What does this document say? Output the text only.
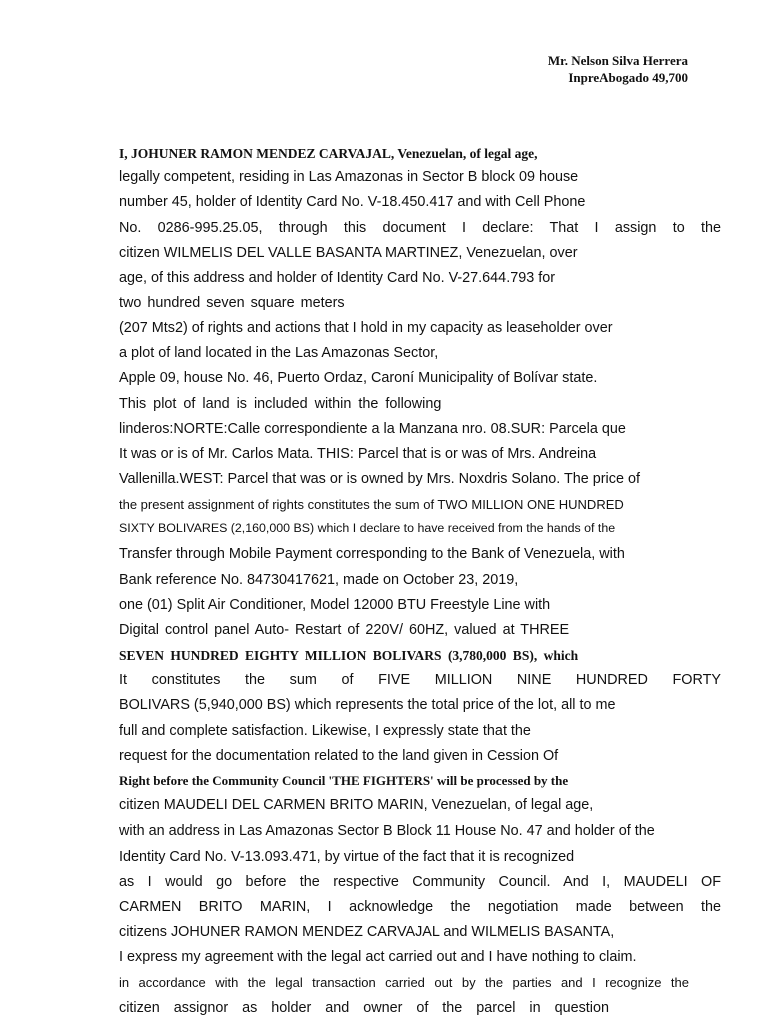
Mr. Nelson Silva Herrera
InpreAbogado 49,700
I, JOHUNER RAMON MENDEZ CARVAJAL, Venezuelan, of legal age,
legally competent, residing in Las Amazonas in Sector B block 09 house
number 45, holder of Identity Card No. V-18.450.417 and with Cell Phone
No. 0286-995.25.05, through this document I declare: That I assign to the
citizen WILMELIS DEL VALLE BASANTA MARTINEZ, Venezuelan, over
age, of this address and holder of Identity Card No. V-27.644.793 for
two hundred seven square meters
(207 Mts2) of rights and actions that I hold in my capacity as leaseholder over
a plot of land located in the Las Amazonas Sector,
Apple 09, house No. 46, Puerto Ordaz, Caroní Municipality of Bolívar state.
This plot of land is included within the following
linderos:NORTE:Calle correspondiente a la Manzana nro. 08.SUR: Parcela que
It was or is of Mr. Carlos Mata. THIS: Parcel that is or was of Mrs. Andreina
Vallenilla.WEST: Parcel that was or is owned by Mrs. Noxdris Solano. The price of
the present assignment of rights constitutes the sum of TWO MILLION ONE HUNDRED
SIXTY BOLIVARES (2,160,000 BS) which I declare to have received from the hands of the
Transfer through Mobile Payment corresponding to the Bank of Venezuela, with
Bank reference No. 84730417621, made on October 23, 2019,
one (01) Split Air Conditioner, Model 12000 BTU Freestyle Line with
Digital control panel Auto- Restart of 220V/ 60HZ, valued at THREE
SEVEN HUNDRED EIGHTY MILLION BOLIVARS (3,780,000 BS), which
It constitutes the sum of FIVE MILLION NINE HUNDRED FORTY
BOLIVARS (5,940,000 BS) which represents the total price of the lot, all to me
full and complete satisfaction. Likewise, I expressly state that the
request for the documentation related to the land given in Cession Of
Right before the Community Council 'THE FIGHTERS' will be processed by the
citizen MAUDELI DEL CARMEN BRITO MARIN, Venezuelan, of legal age,
with an address in Las Amazonas Sector B Block 11 House No. 47 and holder of the
Identity Card No. V-13.093.471, by virtue of the fact that it is recognized
as I would go before the respective Community Council. And I, MAUDELI OF
CARMEN BRITO MARIN, I acknowledge the negotiation made between the
citizens JOHUNER RAMON MENDEZ CARVAJAL and WILMELIS BASANTA,
I express my agreement with the legal act carried out and I have nothing to claim.
in accordance with the legal transaction carried out by the parties and I recognize the
citizen assignor as holder and owner of the parcel in question
